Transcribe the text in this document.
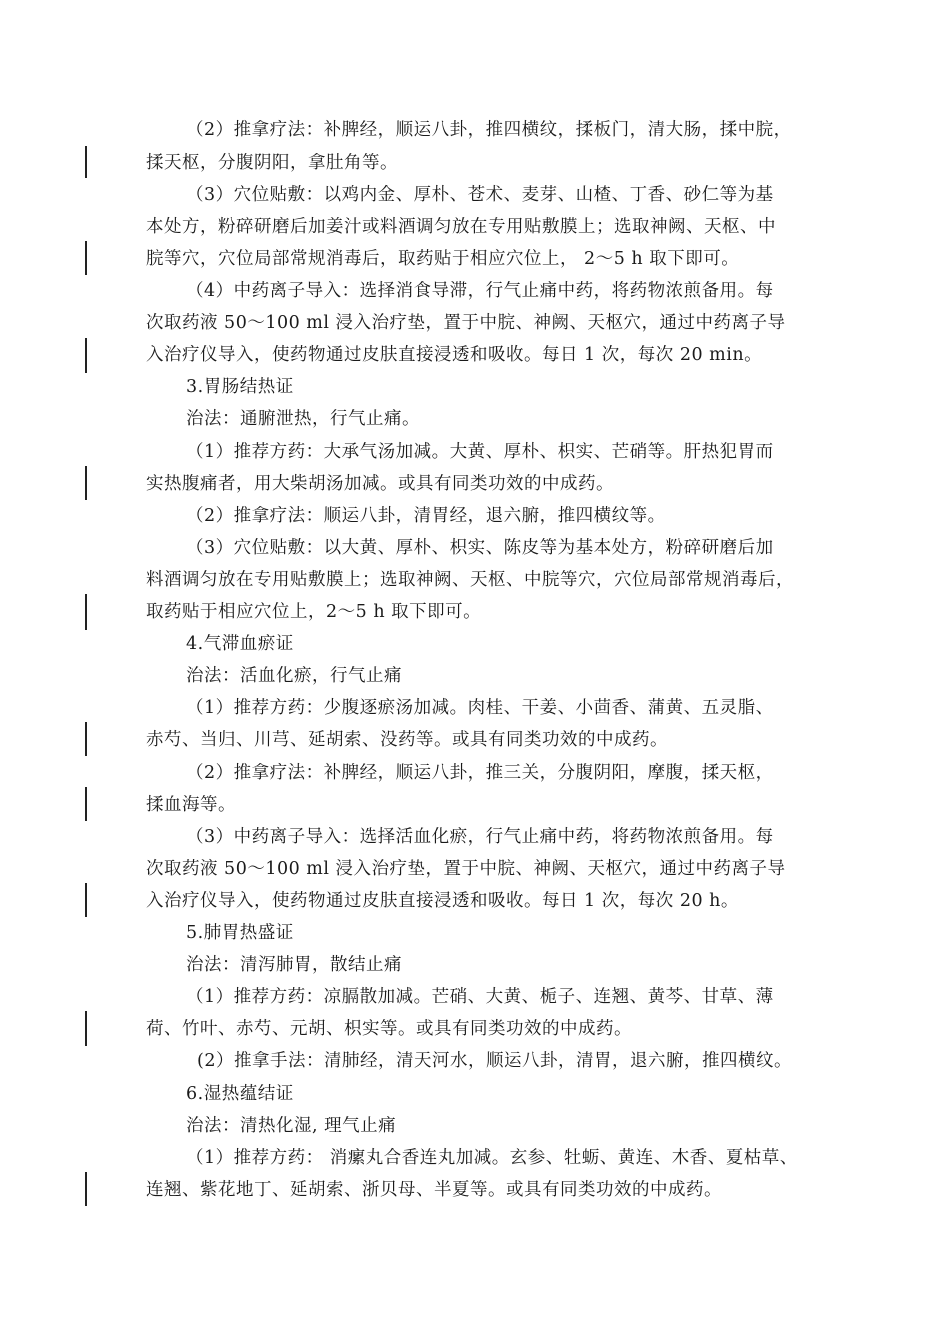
（2）推拿疗法：补脾经，顺运八卦，推四横纹，揉板门，清大肠，揉中脘，
揉天枢，分腹阴阳，拿肚角等。
（3）穴位贴敷：以鸡内金、厚朴、苍术、麦芽、山楂、丁香、砂仁等为基
本处方，粉碎研磨后加姜汁或料酒调匀放在专用贴敷膜上；选取神阙、天枢、中
脘等穴，穴位局部常规消毒后，取药贴于相应穴位上， 2～5 h 取下即可。
（4）中药离子导入：选择消食导滞，行气止痛中药，将药物浓煎备用。每
次取药液 50～100 ml 浸入治疗垫，置于中脘、神阙、天枢穴，通过中药离子导
入治疗仪导入，使药物通过皮肤直接浸透和吸收。每日 1 次，每次 20 min。
3.胃肠结热证
治法：通腑泄热，行气止痛。
（1）推荐方药：大承气汤加减。大黄、厚朴、枳实、芒硝等。肝热犯胃而
实热腹痛者，用大柴胡汤加减。或具有同类功效的中成药。
（2）推拿疗法：顺运八卦，清胃经，退六腑，推四横纹等。
（3）穴位贴敷：以大黄、厚朴、枳实、陈皮等为基本处方，粉碎研磨后加
料酒调匀放在专用贴敷膜上；选取神阙、天枢、中脘等穴，穴位局部常规消毒后，
取药贴于相应穴位上，2～5 h 取下即可。
4.气滞血瘀证
治法：活血化瘀，行气止痛
（1）推荐方药：少腹逐瘀汤加减。肉桂、干姜、小茴香、蒲黄、五灵脂、
赤芍、当归、川芎、延胡索、没药等。或具有同类功效的中成药。
（2）推拿疗法：补脾经，顺运八卦，推三关，分腹阴阳，摩腹，揉天枢，
揉血海等。
（3）中药离子导入：选择活血化瘀，行气止痛中药，将药物浓煎备用。每
次取药液 50～100 ml 浸入治疗垫，置于中脘、神阙、天枢穴，通过中药离子导
入治疗仪导入，使药物通过皮肤直接浸透和吸收。每日 1 次，每次 20 h。
5.肺胃热盛证
治法：清泻肺胃，散结止痛
（1）推荐方药：凉膈散加减。芒硝、大黄、栀子、连翘、黄芩、甘草、薄
荷、竹叶、赤芍、元胡、枳实等。或具有同类功效的中成药。
(2）推拿手法：清肺经，清天河水，顺运八卦，清胃，退六腑，推四横纹。
6.湿热蕴结证
治法：清热化湿, 理气止痛
（1）推荐方药： 消瘰丸合香连丸加减。玄参、牡蛎、黄连、木香、夏枯草、
连翘、紫花地丁、延胡索、浙贝母、半夏等。或具有同类功效的中成药。
